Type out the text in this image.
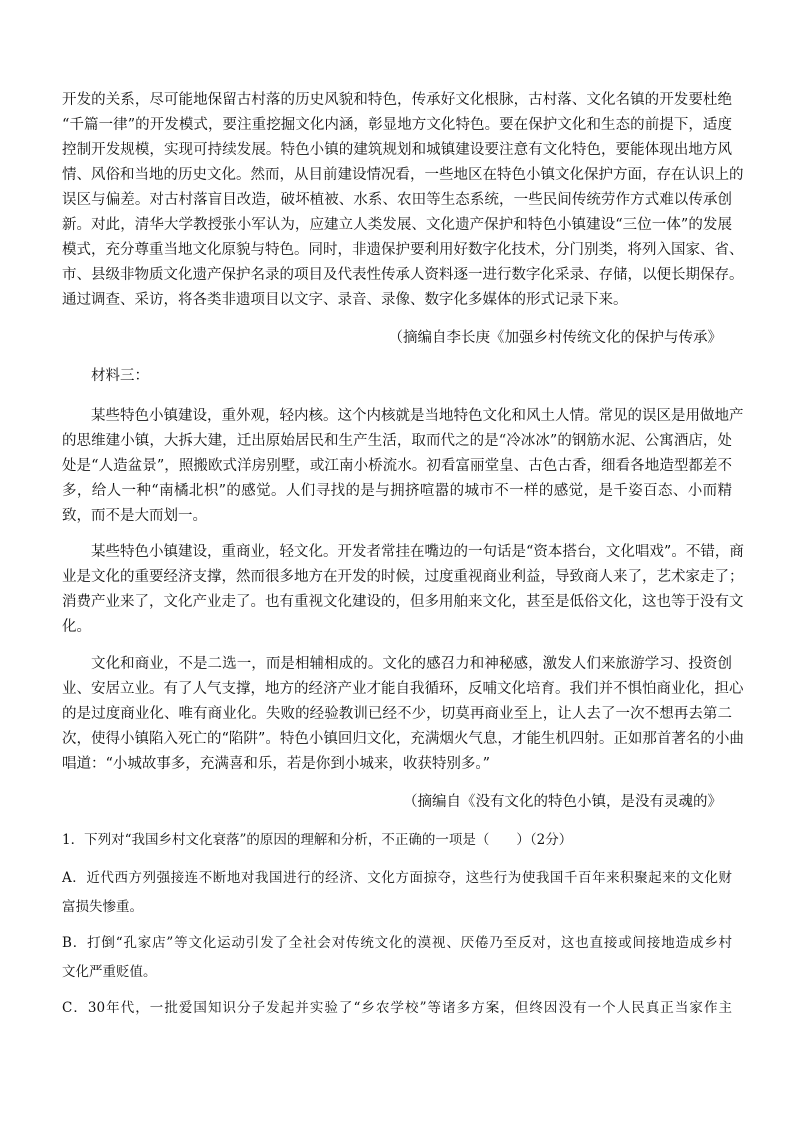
开发的关系，尽可能地保留古村落的历史风貌和特色，传承好文化根脉，古村落、文化名镇的开发要杜绝
“千篇一律”的开发模式，要注重挖掘文化内涵，彰显地方文化特色。要在保护文化和生态的前提下，适度
控制开发规模，实现可持续发展。特色小镇的建筑规划和城镇建设要注意有文化特色，要能体现出地方风
情、风俗和当地的历史文化。然而，从目前建设情况看，一些地区在特色小镇文化保护方面，存在认识上的
误区与偏差。对古村落盲目改造，破坏植被、水系、农田等生态系统，一些民间传统劳作方式难以传承创
新。对此，清华大学教授张小军认为，应建立人类发展、文化遗产保护和特色小镇建设“三位一体”的发展
模式，充分尊重当地文化原貌与特色。同时，非遗保护要利用好数字化技术，分门别类，将列入国家、省、
市、县级非物质文化遗产保护名录的项目及代表性传承人资料逐一进行数字化采录、存储，以便长期保存。
通过调查、采访，将各类非遗项目以文字、录音、录像、数字化多媒体的形式记录下来。
（摘编自李长庚《加强乡村传统文化的保护与传承》
材料三：
某些特色小镇建设，重外观，轻内核。这个内核就是当地特色文化和风土人情。常见的误区是用做地产
的思维建小镇，大拆大建，迁出原始居民和生产生活，取而代之的是“冷冰冰”的钢筋水泥、公寓酒店，处
处是“人造盆景”，照搬欧式洋房别墅，或江南小桥流水。初看富丽堂皇、古色古香，细看各地造型都差不
多，给人一种“南橘北枳”的感觉。人们寻找的是与拥挤喧嚣的城市不一样的感觉，是千姿百态、小而精
致，而不是大而划一。
某些特色小镇建设，重商业，轻文化。开发者常挂在嘴边的一句话是“资本搭台，文化唱戏”。不错，商
业是文化的重要经济支撑，然而很多地方在开发的时候，过度重视商业利益，导致商人来了，艺术家走了；
消费产业来了，文化产业走了。也有重视文化建设的，但多用舶来文化，甚至是低俗文化，这也等于没有文
化。
文化和商业，不是二选一，而是相辅相成的。文化的感召力和神秘感，激发人们来旅游学习、投资创
业、安居立业。有了人气支撑，地方的经济产业才能自我循环，反哺文化培育。我们并不惧怕商业化，担心
的是过度商业化、唯有商业化。失败的经验教训已经不少，切莫再商业至上，让人去了一次不想再去第二
次，使得小镇陷入死亡的“陷阱”。特色小镇回归文化，充满烟火气息，才能生机四射。正如那首著名的小曲
唱道：“小城故事多，充满喜和乐，若是你到小城来，收获特别多。”
（摘编自《没有文化的特色小镇，是没有灵魂的》
1．下列对“我国乡村文化衰落”的原因的理解和分析，不正确的一项是（　　）（2分）
A．近代西方列强接连不断地对我国进行的经济、文化方面掠夺，这些行为使我国千百年来积聚起来的文化财
富损失惨重。
B．打倒“孔家店”等文化运动引发了全社会对传统文化的漠视、厌倦乃至反对，这也直接或间接地造成乡村
文化严重贬值。
C．30年代，一批爱国知识分子发起并实验了“乡农学校”等诸多方案，但终因没有一个人民真正当家作主
